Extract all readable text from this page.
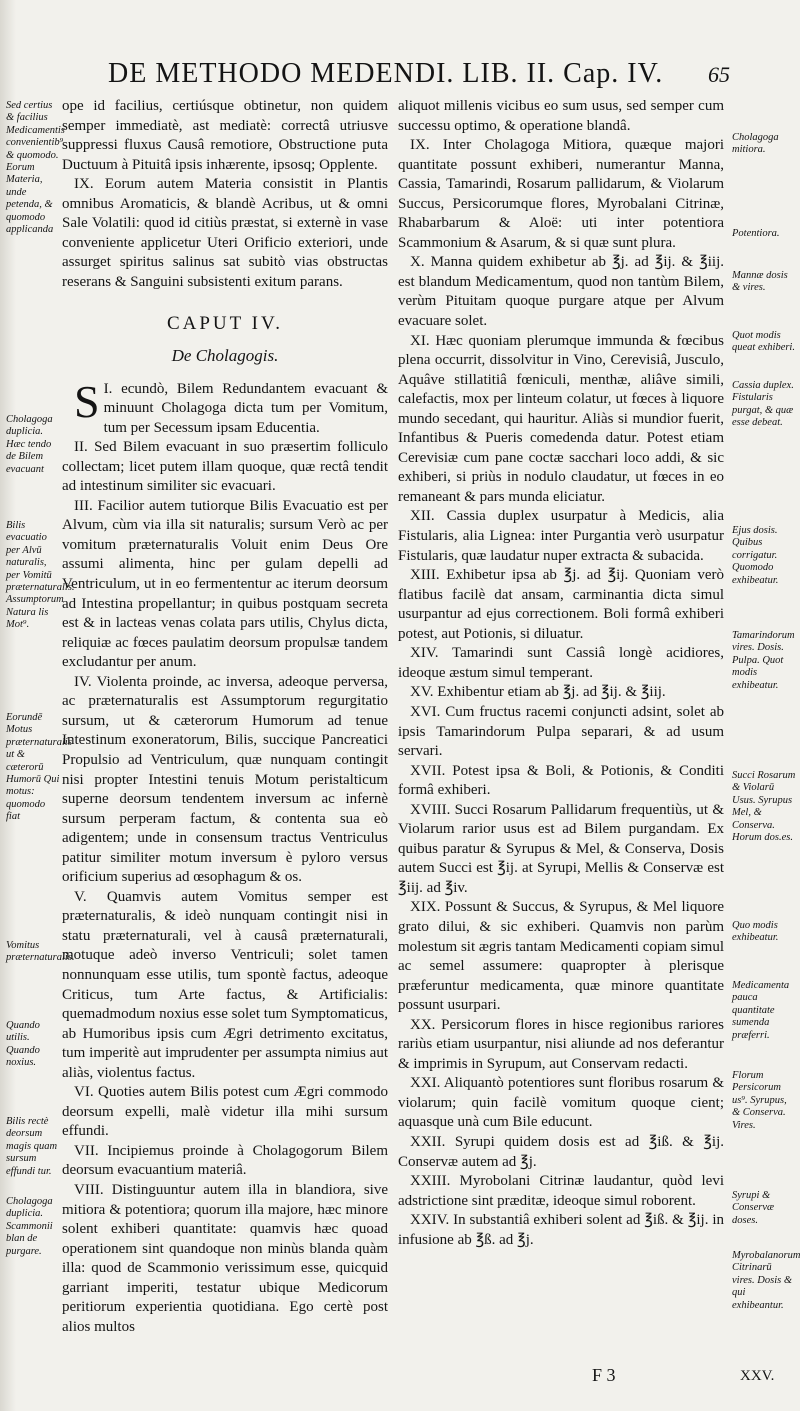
DE METHODO MEDENDI. LIB. II. Cap. IV. 65
Sed certius & facilius Medicamentis convenientib⁹ & quomodo. Eorum Materia, unde petenda, & quomodo applicanda
Cholagoga duplicia. Hæc tendo de Bilem evacuant
Bilis evacuatio per Alvū naturalis, per Vomitū præternaturalis. Assumptorum Natura lis Mot⁹.
Eorundē Motus præternaturalis ut & cæterorū Humorū Qui motus: quomodo fiat
Vomitus præternaturalis.
Quando utilis. Quando noxius.
Bilis rectè deorsum magis quam sursum effundi tur.
Cholagoga duplicia. Scammonii blan de purgare.

ope id facilius, certiúsque obtinetur, non quidem semper immediatè, ast mediatè: correctâ utriusve suppressi fluxus Causâ remotiore, Obstructione puta Ductuum à Pituitâ ipsis inhærente, ipsosq; Opplente.

IX. Eorum autem Materia consistit in Plantis omnibus Aromaticis, & blandè Acribus, ut & omni Sale Volatili: quod id citiùs præstat, si externè in vase conveniente applicetur Uteri Orificio exteriori, unde assurget spiritus salinus sat subitò vias obstructas reserans & Sanguini subsistenti exitum parans.

CAPUT IV.

De Cholagogis.

S I. ecundò, Bilem Redundantem evacuant & minuunt Cholagoga dicta tum per Vomitum, tum per Secessum ipsam Educentia.

II. Sed Bilem evacuant in suo præsertim folliculo collectam; licet putem illam quoque, quæ rectâ tendit ad intestinum similiter sic evacuari.

III. Facilior autem tutiorque Bilis Evacuatio est per Alvum, cùm via illa sit naturalis; sursum Verò ac per vomitum præternaturalis Voluit enim Deus Ore assumi alimenta, hinc per gulam depelli ad Ventriculum, ut in eo fermententur ac iterum deorsum ad Intestina propellantur; in quibus postquam secreta est & in lacteas venas colata pars utilis, Chylus dicta, reliquiæ ac fœces paulatim deorsum propulsæ tandem excludantur per anum.

IV. Violenta proinde, ac inversa, adeoque perversa, ac præternaturalis est Assumptorum regurgitatio sursum, ut & cæterorum Humorum ad tenue Intestinum exoneratorum, Bilis, succique Pancreatici Propulsio ad Ventriculum, quæ nunquam contingit nisi propter Intestini tenuis Motum peristalticum superne deorsum tendentem inversum ac infernè sursum perperam factum, & contenta sua eò adigentem; unde in consensum tractus Ventriculus patitur similiter motum inversum è pyloro versus orificium superius ad œsophagum & os.

V. Quamvis autem Vomitus semper est præternaturalis, & ideò nunquam contingit nisi in statu præternaturali, vel à causâ præternaturali, motuque adeò inverso Ventriculi; solet tamen nonnunquam esse utilis, tum spontè factus, adeoque Criticus, tum Arte factus, & Artificialis: quemadmodum noxius esse solet tum Symptomaticus, ab Humoribus ipsis cum Ægri detrimento excitatus, tum imperitè aut imprudenter per assumpta nimius aut aliàs, violentus factus.

VI. Quoties autem Bilis potest cum Ægri commodo deorsum expelli, malè videtur illa mihi sursum effundi.

VII. Incipiemus proinde à Cholagogorum Bilem deorsum evacuantium materiâ.

VIII. Distinguuntur autem illa in blandiora, sive mitiora & potentiora; quorum illa majore, hæc minore solent exhiberi quantitate: quamvis hæc quoad operationem sint quandoque non minùs blanda quàm illa: quod de Scammonio verissimum esse, quicquid garriant imperiti, testatur ubique Medicorum peritiorum experientia quotidiana. Ego certè post alios multos

aliquot millenis vicibus eo sum usus, sed semper cum successu optimo, & operatione blandâ.

IX. Inter Cholagoga Mitiora, quæque majori quantitate possunt exhiberi, numerantur Manna, Cassia, Tamarindi, Rosarum pallidarum, & Violarum Succus, Persicorumque flores, Myrobalani Citrinæ, Rhabarbarum & Aloë: uti inter potentiora Scammonium & Asarum, & si quæ sunt plura.

X. Manna quidem exhibetur ab ℥j. ad ℥ij. & ℥iij. est blandum Medicamentum, quod non tantùm Bilem, verùm Pituitam quoque purgare atque per Alvum evacuare solet.

XI. Hæc quoniam plerumque immunda & fœcibus plena occurrit, dissolvitur in Vino, Cerevisiâ, Jusculo, Aquâve stillatitiâ fœniculi, menthæ, aliâve simili, calefactis, mox per linteum colatur, ut fœces à liquore mundo secedant, qui hauritur. Aliàs si mundior fuerit, Infantibus & Pueris comedenda datur. Potest etiam Cerevisiæ cum pane coctæ sacchari loco addi, & sic exhiberi, si priùs in nodulo claudatur, ut fœces in eo remaneant & pars munda eliciatur.

XII. Cassia duplex usurpatur à Medicis, alia Fistularis, alia Lignea: inter Purgantia verò usurpatur Fistularis, quæ laudatur nuper extracta & subacida.

XIII. Exhibetur ipsa ab ℥j. ad ℥ij. Quoniam verò flatibus facilè dat ansam, carminantia dicta simul usurpantur ad ejus correctionem. Boli formâ exhiberi potest, aut Potionis, si diluatur.

XIV. Tamarindi sunt Cassiâ longè acidiores, ideoque æstum simul temperant.

XV. Exhibentur etiam ab ℥j. ad ℥ij. & ℥iij.

XVI. Cum fructus racemi conjuncti adsint, solet ab ipsis Tamarindorum Pulpa separari, & ad usum servari.

XVII. Potest ipsa & Boli, & Potionis, & Conditi formâ exhiberi.

XVIII. Succi Rosarum Pallidarum frequentiùs, ut & Violarum rarior usus est ad Bilem purgandam. Ex quibus paratur & Syrupus & Mel, & Conserva, Dosis autem Succi est ℥ij. at Syrupi, Mellis & Conservæ est ℥iij. ad ℥iv.

XIX. Possunt & Succus, & Syrupus, & Mel liquore grato dilui, & sic exhiberi. Quamvis non parùm molestum sit ægris tantam Medicamenti copiam simul ac semel assumere: quapropter à plerisque præferuntur medicamenta, quæ minore quantitate possunt usurpari.

XX. Persicorum flores in hisce regionibus rariores rariùs etiam usurpantur, nisi aliunde ad nos deferantur & imprimis in Syrupum, aut Conservam redacti.

XXI. Aliquantò potentiores sunt floribus rosarum & violarum; quin facilè vomitum quoque cient; aquasque unà cum Bile educunt.

XXII. Syrupi quidem dosis est ad ℥iß. & ℥ij. Conservæ autem ad ℥j.

XXIII. Myrobolani Citrinæ laudantur, quòd levi adstrictione sint præditæ, ideoque simul roborent.

XXIV. In substantiâ exhiberi solent ad ℥iß. & ℥ij. in infusione ab ℥ß. ad ℥j.

Cholagoga mitiora.
Potentiora.
Mannæ dosis & vires.
Quot modis queat exhiberi.
Cassia duplex. Fistularis purgat, & quæ esse debeat.
Ejus dosis. Quibus corrigatur. Quomodo exhibeatur.
Tamarindorum vires. Dosis. Pulpa. Quot modis exhibeatur.
Succi Rosarum & Violarū Usus. Syrupus Mel, & Conserva. Horum dos.es.
Quo modis exhibeatur.
Medicamenta pauca quantitate sumenda præferri.
Florum Persicorum us⁹. Syrupus, & Conserva. Vires.
Syrupi & Conservæ doses.
Myrobalanorum Citrinarū vires. Dosis & qui exhibeantur.
F 3	XXV.
